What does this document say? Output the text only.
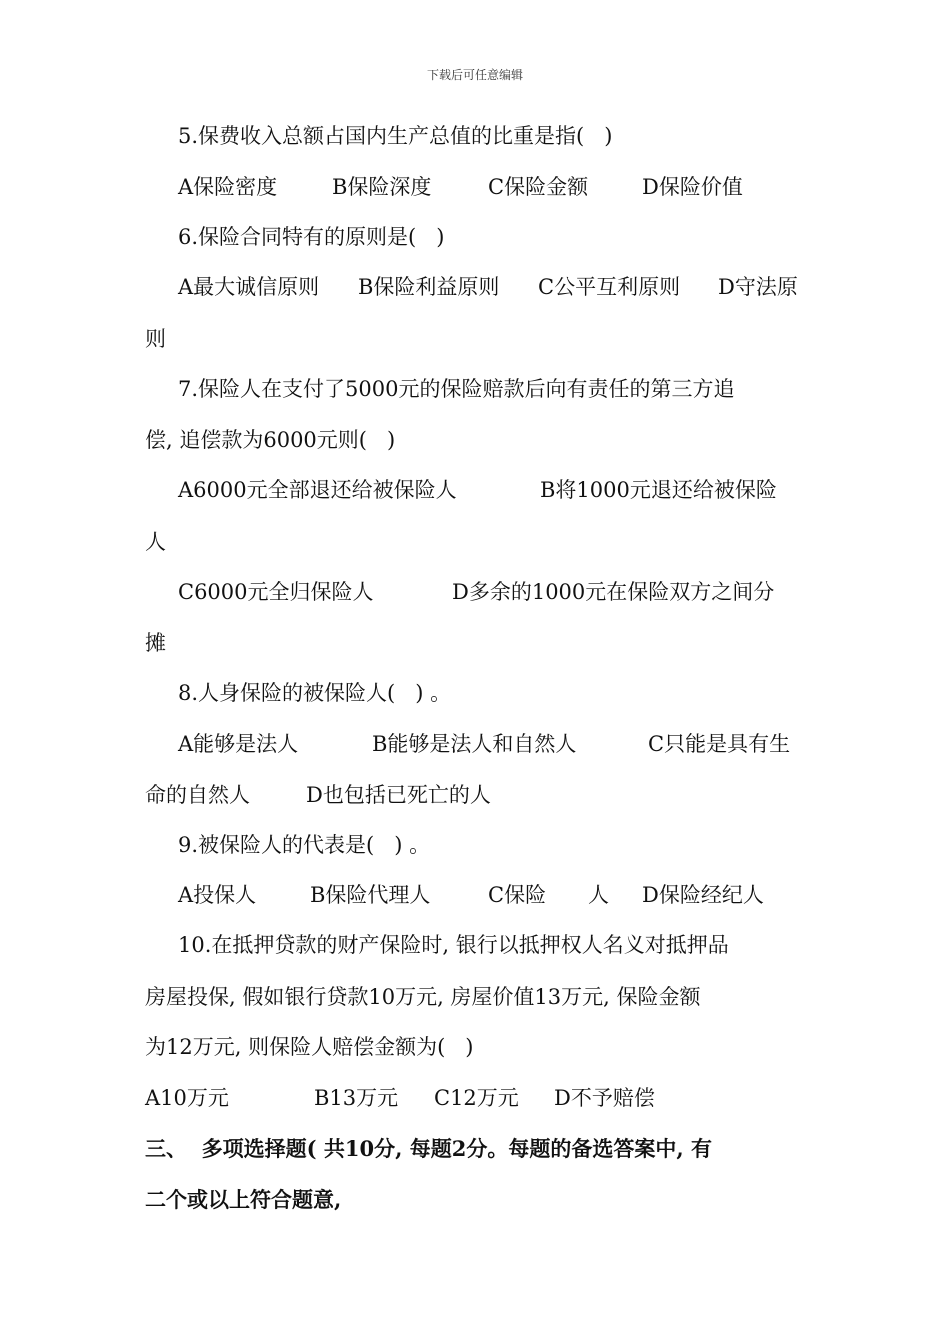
下载后可任意编辑
5.保费收入总额占国内生产总值的比重是指(   )
A保险密度	B保险深度	C保险金额	D保险价值
6.保险合同特有的原则是(   )
A最大诚信原则 B保险利益原则 C公平互利原则 D守法原
则
7.保险人在支付了5000元的保险赔款后向有责任的第三方追
偿, 追偿款为6000元则(   )
A6000元全部退还给被保险人	B将1000元退还给被保险
人
C6000元全归保险人	D多余的1000元在保险双方之间分
摊
8.人身保险的被保险人(   ) 。
A能够是法人	B能够是法人和自然人	C只能是具有生
命的自然人	D也包括已死亡的人
9.被保险人的代表是(   ) 。
A投保人	B保险代理人	C保险 人 D保险经纪人
10.在抵押贷款的财产保险时, 银行以抵押权人名义对抵押品
房屋投保, 假如银行贷款10万元, 房屋价值13万元, 保险金额
为12万元, 则保险人赔偿金额为(   )
A10万元	B13万元 C12万元 D不予赔偿
三、  多项选择题( 共10分, 每题2分。每题的备选答案中, 有
二个或以上符合题意,
